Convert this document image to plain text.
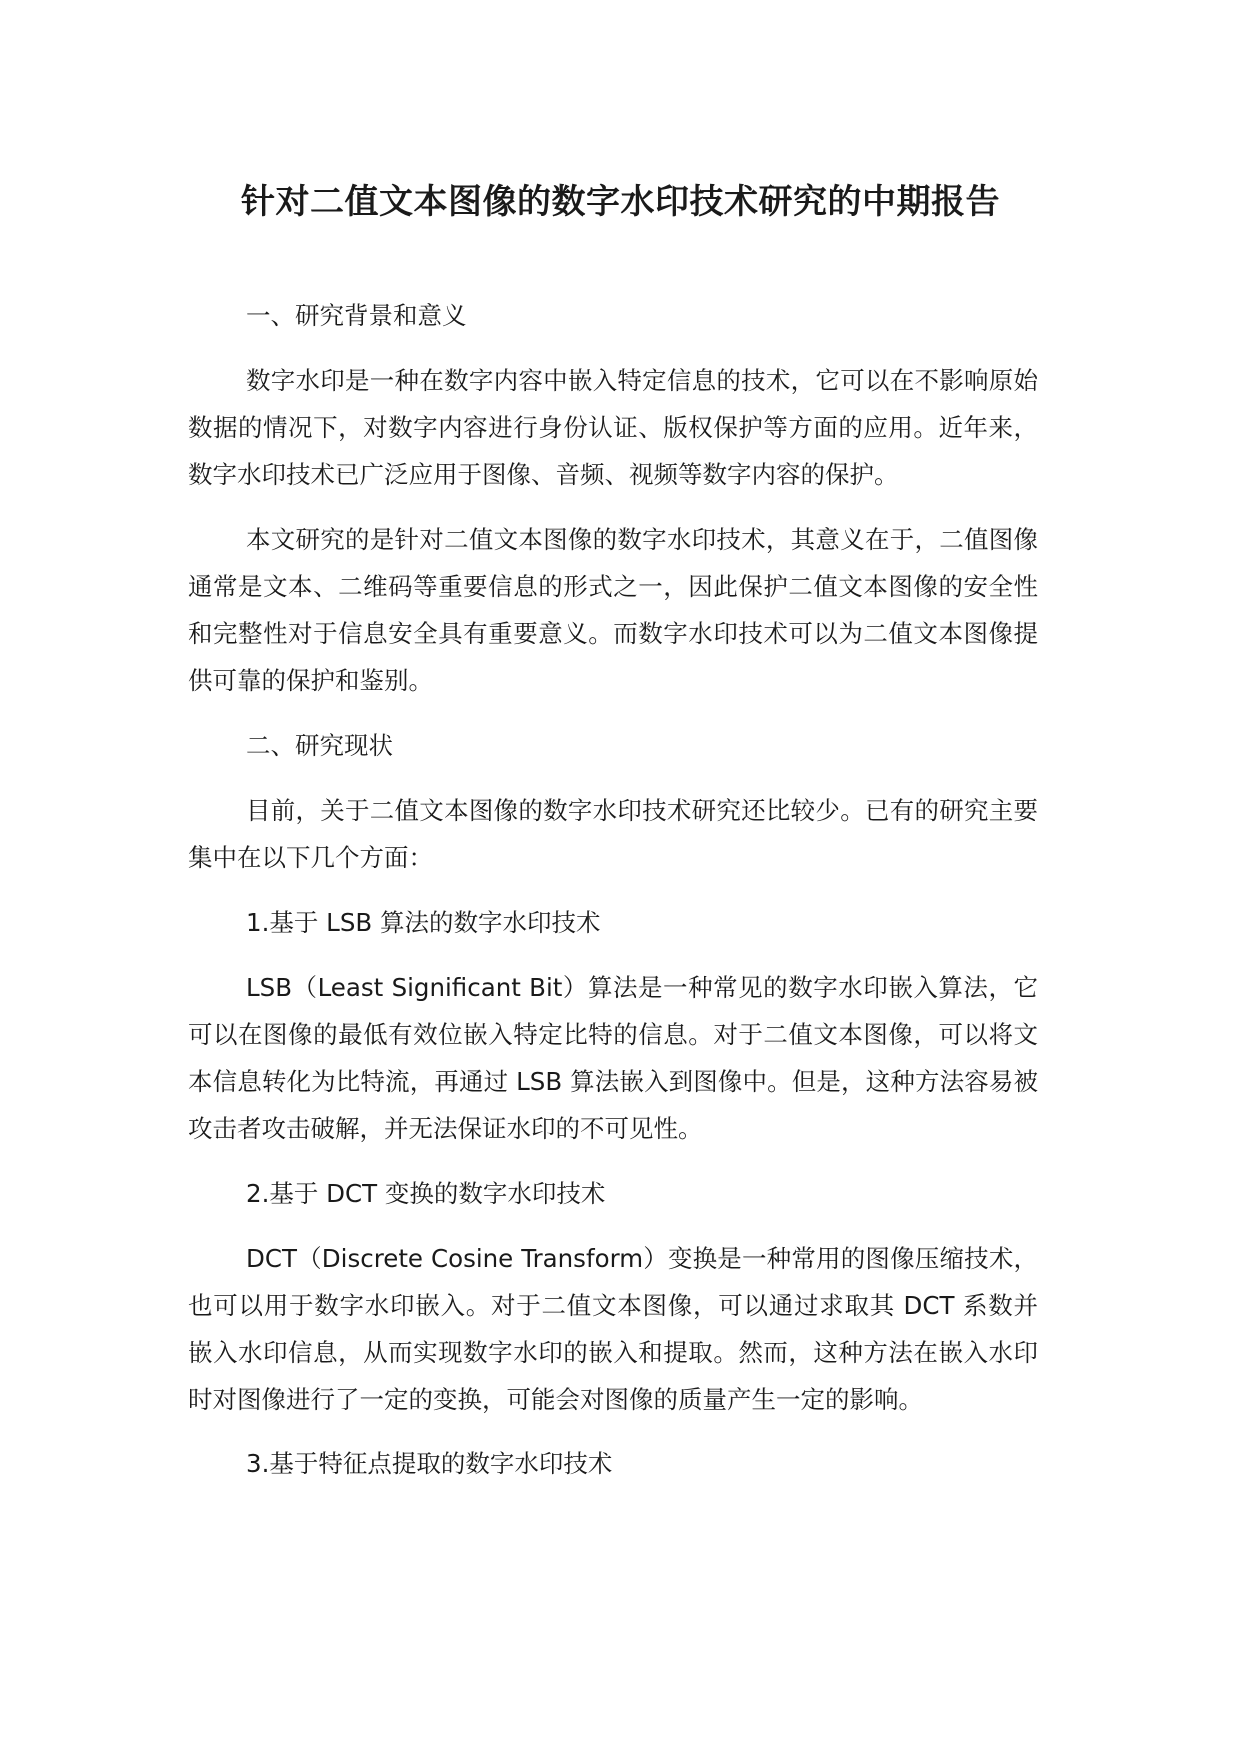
针对二值文本图像的数字水印技术研究的中期报告

一、研究背景和意义

数字水印是一种在数字内容中嵌入特定信息的技术，它可以在不影响原始数据的情况下，对数字内容进行身份认证、版权保护等方面的应用。近年来，数字水印技术已广泛应用于图像、音频、视频等数字内容的保护。

本文研究的是针对二值文本图像的数字水印技术，其意义在于，二值图像通常是文本、二维码等重要信息的形式之一，因此保护二值文本图像的安全性和完整性对于信息安全具有重要意义。而数字水印技术可以为二值文本图像提供可靠的保护和鉴别。

二、研究现状

目前，关于二值文本图像的数字水印技术研究还比较少。已有的研究主要集中在以下几个方面：

1.基于 LSB 算法的数字水印技术

LSB（Least Significant Bit）算法是一种常见的数字水印嵌入算法，它可以在图像的最低有效位嵌入特定比特的信息。对于二值文本图像，可以将文本信息转化为比特流，再通过 LSB 算法嵌入到图像中。但是，这种方法容易被攻击者攻击破解，并无法保证水印的不可见性。

2.基于 DCT 变换的数字水印技术

DCT（Discrete Cosine Transform）变换是一种常用的图像压缩技术，也可以用于数字水印嵌入。对于二值文本图像，可以通过求取其 DCT 系数并嵌入水印信息，从而实现数字水印的嵌入和提取。然而，这种方法在嵌入水印时对图像进行了一定的变换，可能会对图像的质量产生一定的影响。

3.基于特征点提取的数字水印技术
